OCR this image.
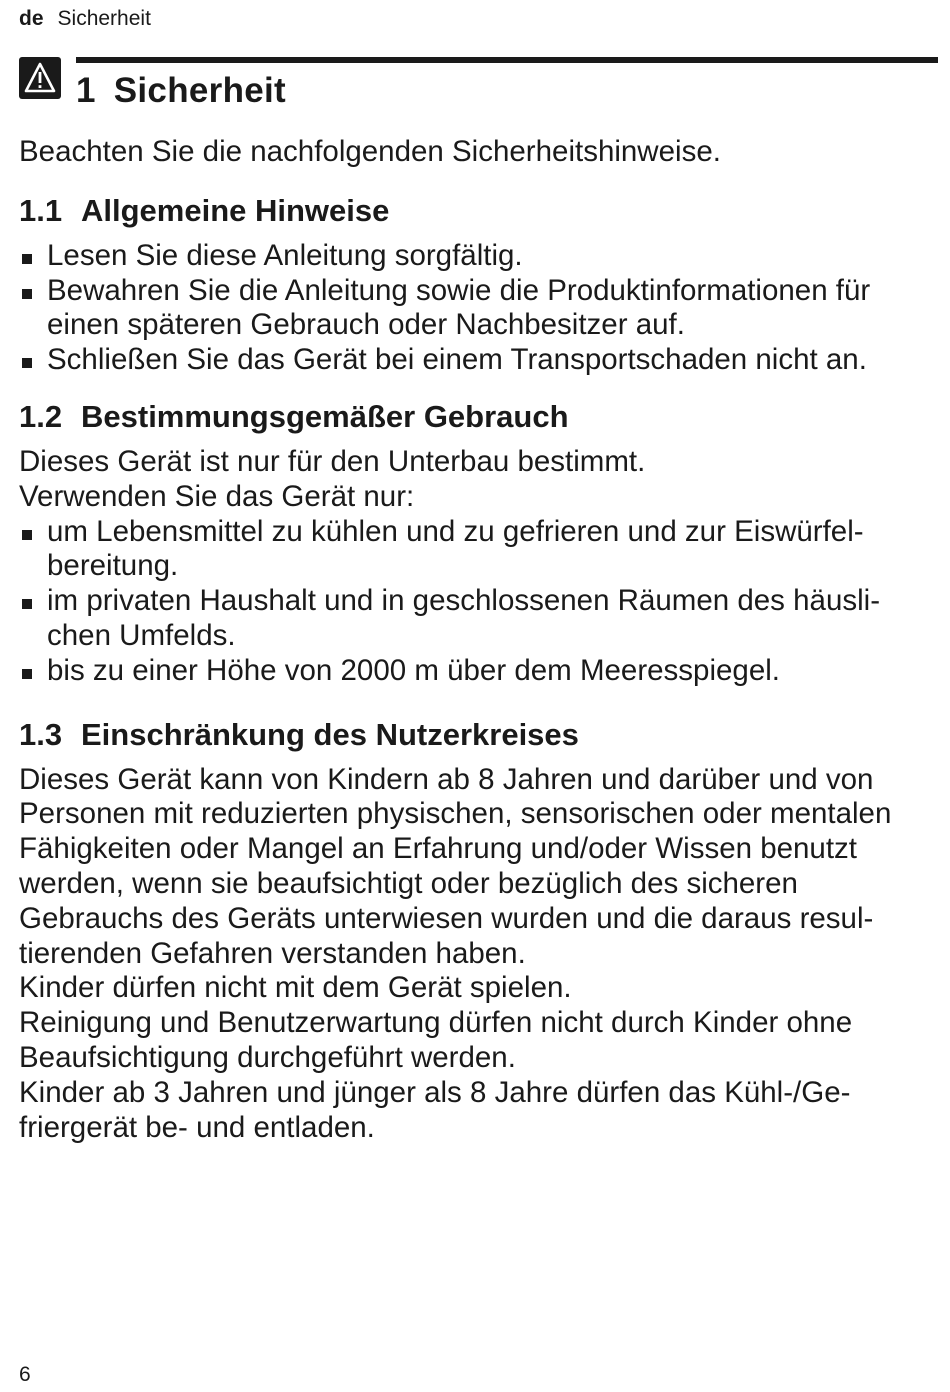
de Sicherheit
1 Sicherheit

Beachten Sie die nachfolgenden Sicherheitshinweise.

1.1 Allgemeine Hinweise
Lesen Sie diese Anleitung sorgfältig.
Bewahren Sie die Anleitung sowie die Produktinformationen für einen späteren Gebrauch oder Nachbesitzer auf.
Schließen Sie das Gerät bei einem Transportschaden nicht an.
1.2 Bestimmungsgemäßer Gebrauch

Dieses Gerät ist nur für den Unterbau bestimmt.

Verwenden Sie das Gerät nur:

um Lebensmittel zu kühlen und zu gefrieren und zur Eiswürfelbereitung.
im privaten Haushalt und in geschlossenen Räumen des häuslichen Umfelds.
bis zu einer Höhe von 2000 m über dem Meeresspiegel.
1.3 Einschränkung des Nutzerkreises

Dieses Gerät kann von Kindern ab 8 Jahren und darüber und von Personen mit reduzierten physischen, sensorischen oder mentalen Fähigkeiten oder Mangel an Erfahrung und/oder Wissen benutzt werden, wenn sie beaufsichtigt oder bezüglich des sicheren Gebrauchs des Geräts unterwiesen wurden und die daraus resultierenden Gefahren verstanden haben.

Kinder dürfen nicht mit dem Gerät spielen.

Reinigung und Benutzerwartung dürfen nicht durch Kinder ohne Beaufsichtigung durchgeführt werden.

Kinder ab 3 Jahren und jünger als 8 Jahre dürfen das Kühl-/Gefriergerät be- und entladen.

6
